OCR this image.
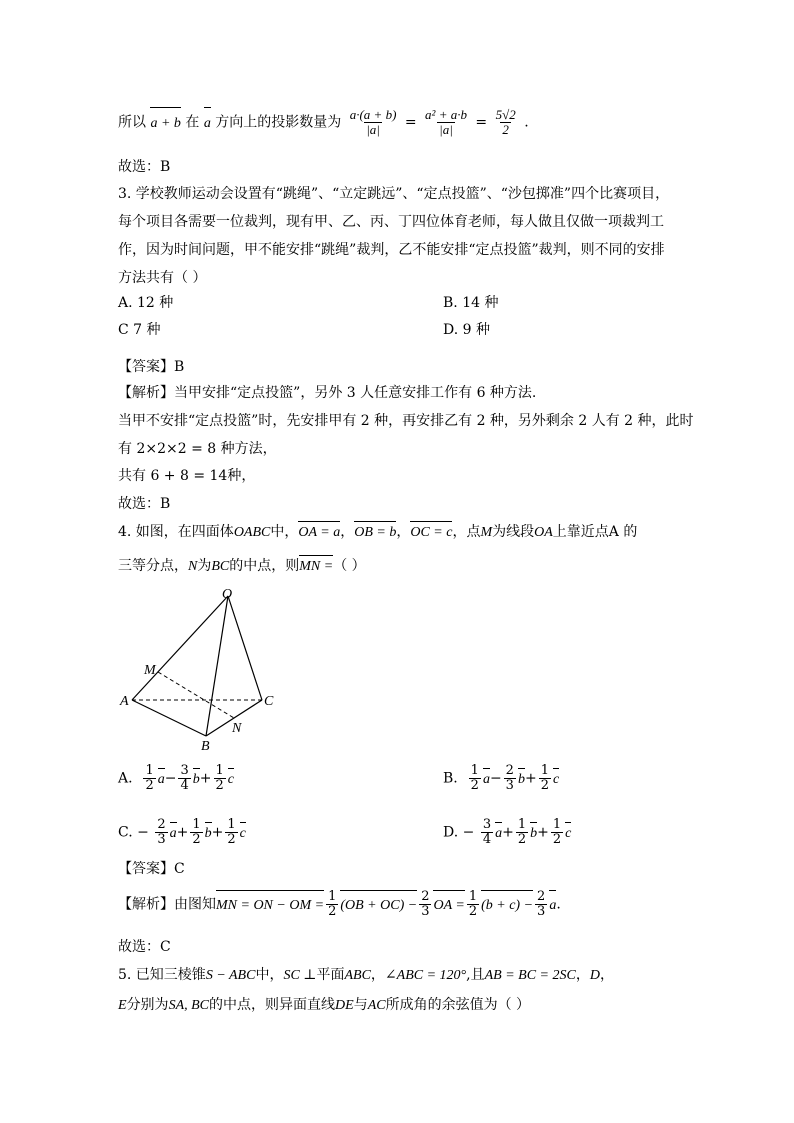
所以 a + b 在 a 方向上的投影数量为 $\frac{a\cdot(a + b)}{|a|} = \frac{\text{a² + a·b}}{|a|} = \frac{5√2}{2}$ .
故选：B
3. 学校教师运动会设置有“跳绳”、“立定跳远”、“定点投篮”、“沙包掷准”四个比赛项目，
每个项目各需要一位裁判，现有甲、乙、丙、丁四位体育老师，每人做且仅做一项裁判工
作，因为时间问题，甲不能安排“跳绳”裁判，乙不能安排“定点投篮”裁判，则不同的安排
方法共有（ ）
A. 12 种	B. 14 种
C 7 种	D. 9 种
【答案】B
【解析】当甲安排“定点投篮”，另外 3 人任意安排工作有 6 种方法.
当甲不安排“定点投篮”时，先安排甲有 2 种，再安排乙有 2 种，另外剩余 2 人有 2 种，此时
有 2×2×2 = 8 种方法，
共有 6 + 8 = 14种，
故选：B
4. 如图，在四面体OABC中，OA = a，OB = b，OC = c，点M为线段OA上靠近点A 的
三等分点，N为BC的中点，则MN =（ ）
O
M
A	C
N
B
A. $\frac{1}{2} a- \frac{3}{4} b+ \frac{1}{2}$ c	B. $\frac{1}{2} a- \frac{2}{3} b+ \frac{1}{2}$ c
C. − $\frac{2}{3} a+ \frac{1}{2} b+ \frac{1}{2}$ c	D. − $\frac{3}{4} a+ \frac{1}{2} b+ \frac{1}{2}$ c
【答案】C
【解析】由图知MN = ON − OM = $\frac{1}{2} (OB + OC) - \frac{2}{3}$ OA = $\frac{1}{2} (b + c) - \frac{2}{3} a$.
故选：C
5. 已知三棱锥S − ABC中，SC ⊥平面ABC，∠ABC = 120°,且AB = BC = 2SC，D，
E分别为SA, BC的中点，则异面直线DE与AC所成角的余弦值为（ ）
